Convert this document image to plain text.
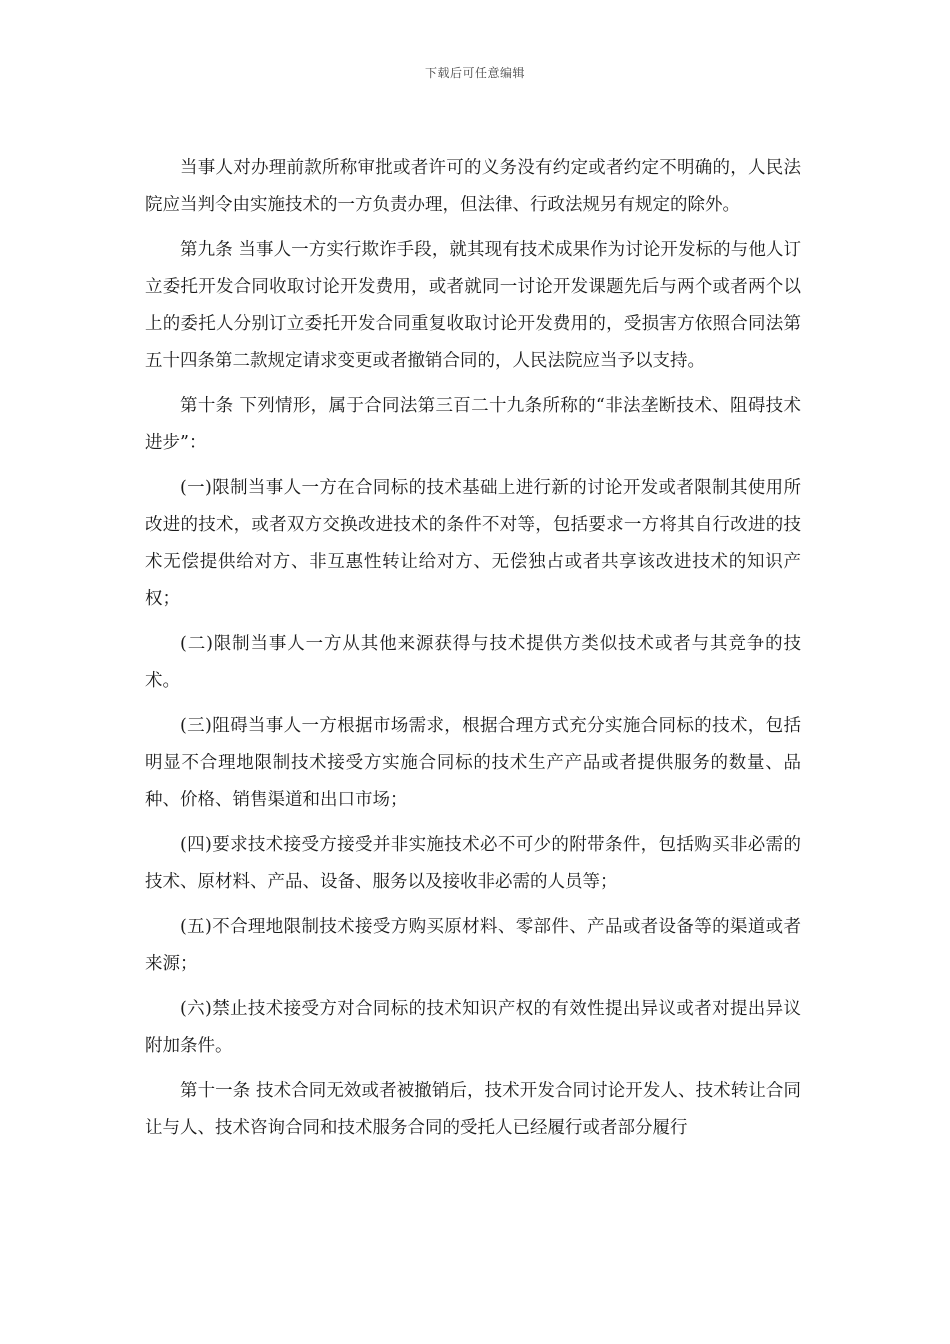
下载后可任意编辑

当事人对办理前款所称审批或者许可的义务没有约定或者约定不明确的，人民法院应当判令由实施技术的一方负责办理，但法律、行政法规另有规定的除外。

第九条 当事人一方实行欺诈手段，就其现有技术成果作为讨论开发标的与他人订立委托开发合同收取讨论开发费用，或者就同一讨论开发课题先后与两个或者两个以上的委托人分别订立委托开发合同重复收取讨论开发费用的，受损害方依照合同法第五十四条第二款规定请求变更或者撤销合同的，人民法院应当予以支持。

第十条 下列情形，属于合同法第三百二十九条所称的“非法垄断技术、阻碍技术进步”：

(一)限制当事人一方在合同标的技术基础上进行新的讨论开发或者限制其使用所改进的技术，或者双方交换改进技术的条件不对等，包括要求一方将其自行改进的技术无偿提供给对方、非互惠性转让给对方、无偿独占或者共享该改进技术的知识产权；

(二)限制当事人一方从其他来源获得与技术提供方类似技术或者与其竞争的技术。

(三)阻碍当事人一方根据市场需求，根据合理方式充分实施合同标的技术，包括明显不合理地限制技术接受方实施合同标的技术生产产品或者提供服务的数量、品种、价格、销售渠道和出口市场；

(四)要求技术接受方接受并非实施技术必不可少的附带条件，包括购买非必需的技术、原材料、产品、设备、服务以及接收非必需的人员等；

(五)不合理地限制技术接受方购买原材料、零部件、产品或者设备等的渠道或者来源；

(六)禁止技术接受方对合同标的技术知识产权的有效性提出异议或者对提出异议附加条件。

第十一条 技术合同无效或者被撤销后，技术开发合同讨论开发人、技术转让合同让与人、技术咨询合同和技术服务合同的受托人已经履行或者部分履行
